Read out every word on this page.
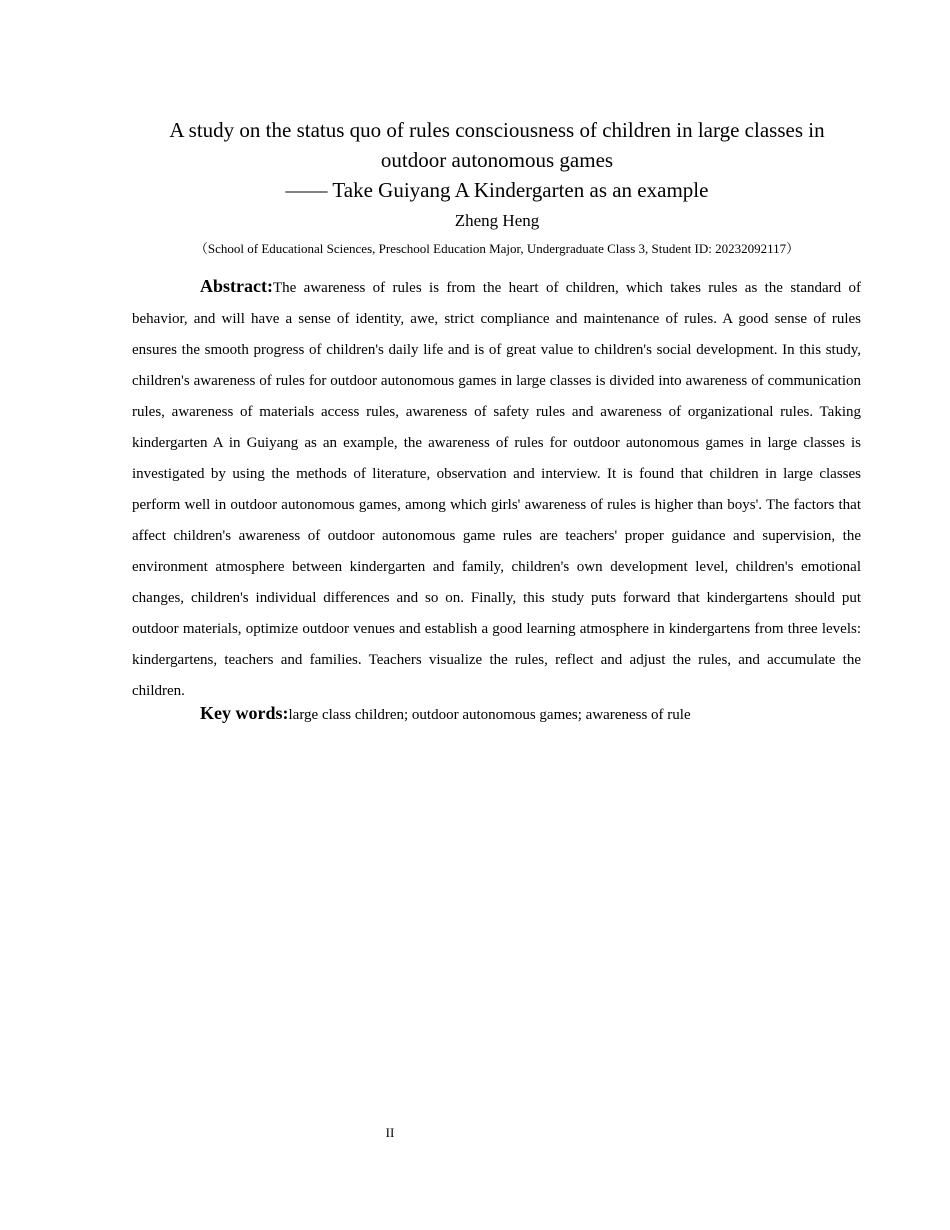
A study on the status quo of rules consciousness of children in large classes in

outdoor autonomous games

—— Take Guiyang A Kindergarten as an example

Zheng Heng
（School of Educational Sciences, Preschool Education Major, Undergraduate Class 3, Student ID: 20232092117）

Abstract:The awareness of rules is from the heart of children, which takes rules as the standard of behavior, and will have a sense of identity, awe, strict compliance and maintenance of rules. A good sense of rules ensures the smooth progress of children's daily life and is of great value to children's social development. In this study, children's awareness of rules for outdoor autonomous games in large classes is divided into awareness of communication rules, awareness of materials access rules, awareness of safety rules and awareness of organizational rules. Taking kindergarten A in Guiyang as an example, the awareness of rules for outdoor autonomous games in large classes is investigated by using the methods of literature, observation and interview. It is found that children in large classes perform well in outdoor autonomous games, among which girls' awareness of rules is higher than boys'. The factors that affect children's awareness of outdoor autonomous game rules are teachers' proper guidance and supervision, the environment atmosphere between kindergarten and family, children's own development level, children's emotional changes, children's individual differences and so on. Finally, this study puts forward that kindergartens should put outdoor materials, optimize outdoor venues and establish a good learning atmosphere in kindergartens from three levels: kindergartens, teachers and families. Teachers visualize the rules, reflect and adjust the rules, and accumulate the children.

Key words:large class children; outdoor autonomous games; awareness of rule

II
